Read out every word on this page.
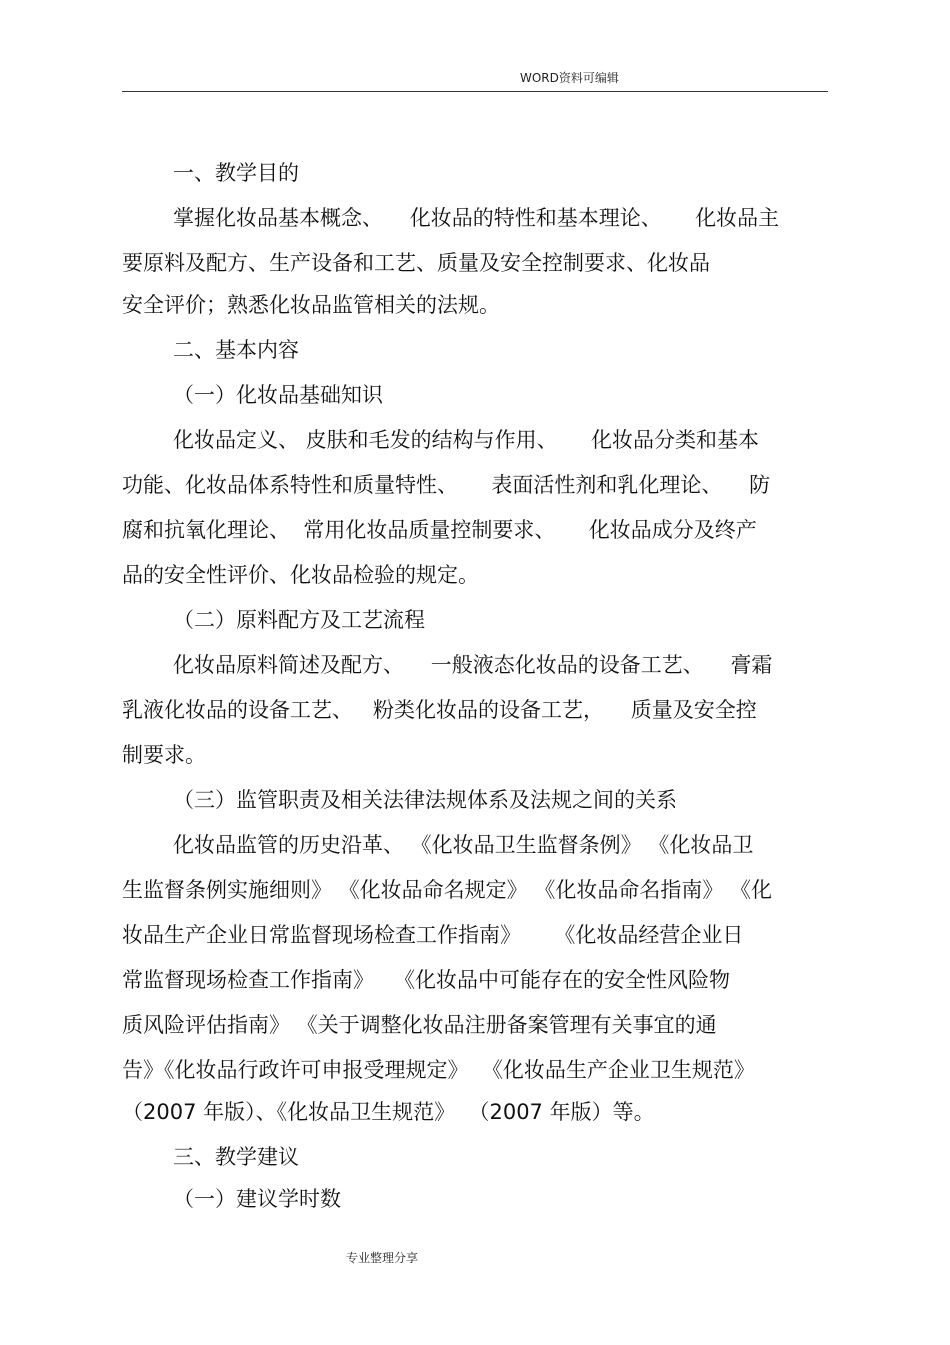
WORD资料可编辑
一、教学目的
掌握化妆品基本概念、    化妆品的特性和基本理论、     化妆品主
要原料及配方、生产设备和工艺、质量及安全控制要求、化妆品
安全评价；熟悉化妆品监管相关的法规。
二、基本内容
（一）化妆品基础知识
化妆品定义、 皮肤和毛发的结构与作用、     化妆品分类和基本
功能、化妆品体系特性和质量特性、     表面活性剂和乳化理论、    防
腐和抗氧化理论、  常用化妆品质量控制要求、     化妆品成分及终产
品的安全性评价、化妆品检验的规定。
（二）原料配方及工艺流程
化妆品原料简述及配方、    一般液态化妆品的设备工艺、    膏霜
乳液化妆品的设备工艺、   粉类化妆品的设备工艺，    质量及安全控
制要求。
（三）监管职责及相关法律法规体系及法规之间的关系
化妆品监管的历史沿革、 《化妆品卫生监督条例》 《化妆品卫
生监督条例实施细则》 《化妆品命名规定》 《化妆品命名指南》 《化
妆品生产企业日常监督现场检查工作指南》     《化妆品经营企业日
常监督现场检查工作指南》   《化妆品中可能存在的安全性风险物
质风险评估指南》 《关于调整化妆品注册备案管理有关事宜的通
告》《化妆品行政许可申报受理规定》  《化妆品生产企业卫生规范》
（2007 年版）、《化妆品卫生规范》  （2007 年版）等。
三、教学建议
（一）建议学时数
专业整理分享
